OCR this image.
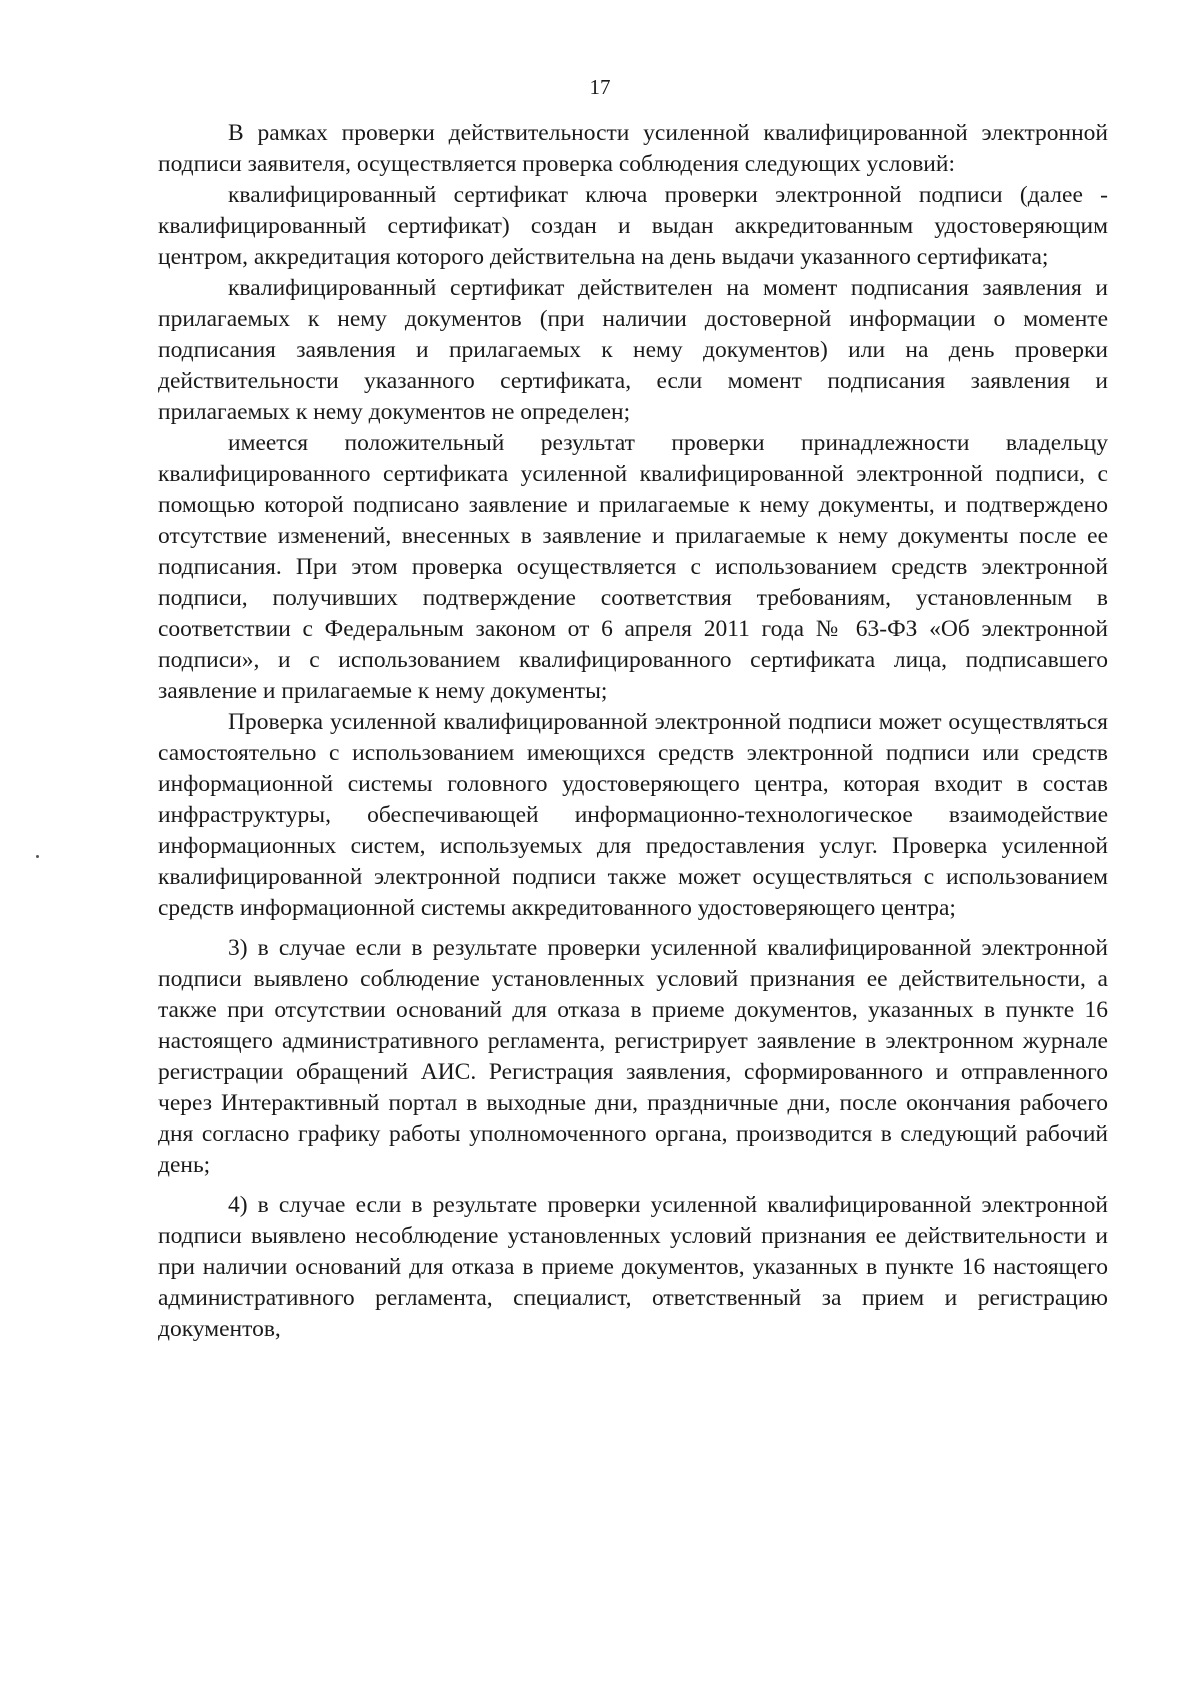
17

В рамках проверки действительности усиленной квалифицированной электронной подписи заявителя, осуществляется проверка соблюдения следующих условий:

квалифицированный сертификат ключа проверки электронной подписи (далее - квалифицированный сертификат) создан и выдан аккредитованным удостоверяющим центром, аккредитация которого действительна на день выдачи указанного сертификата;

квалифицированный сертификат действителен на момент подписания заявления и прилагаемых к нему документов (при наличии достоверной информации о моменте подписания заявления и прилагаемых к нему документов) или на день проверки действительности указанного сертификата, если момент подписания заявления и прилагаемых к нему документов не определен;

имеется положительный результат проверки принадлежности владельцу квалифицированного сертификата усиленной квалифицированной электронной подписи, с помощью которой подписано заявление и прилагаемые к нему документы, и подтверждено отсутствие изменений, внесенных в заявление и прилагаемые к нему документы после ее подписания. При этом проверка осуществляется с использованием средств электронной подписи, получивших подтверждение соответствия требованиям, установленным в соответствии с Федеральным законом от 6 апреля 2011 года № 63-ФЗ «Об электронной подписи», и с использованием квалифицированного сертификата лица, подписавшего заявление и прилагаемые к нему документы;

Проверка усиленной квалифицированной электронной подписи может осуществляться самостоятельно с использованием имеющихся средств электронной подписи или средств информационной системы головного удостоверяющего центра, которая входит в состав инфраструктуры, обеспечивающей информационно-технологическое взаимодействие информационных систем, используемых для предоставления услуг. Проверка усиленной квалифицированной электронной подписи также может осуществляться с использованием средств информационной системы аккредитованного удостоверяющего центра;

3) в случае если в результате проверки усиленной квалифицированной электронной подписи выявлено соблюдение установленных условий признания ее действительности, а также при отсутствии оснований для отказа в приеме документов, указанных в пункте 16 настоящего административного регламента, регистрирует заявление в электронном журнале регистрации обращений АИС. Регистрация заявления, сформированного и отправленного через Интерактивный портал в выходные дни, праздничные дни, после окончания рабочего дня согласно графику работы уполномоченного органа, производится в следующий рабочий день;

4) в случае если в результате проверки усиленной квалифицированной электронной подписи выявлено несоблюдение установленных условий признания ее действительности и при наличии оснований для отказа в приеме документов, указанных в пункте 16 настоящего административного регламента, специалист, ответственный за прием и регистрацию документов,
